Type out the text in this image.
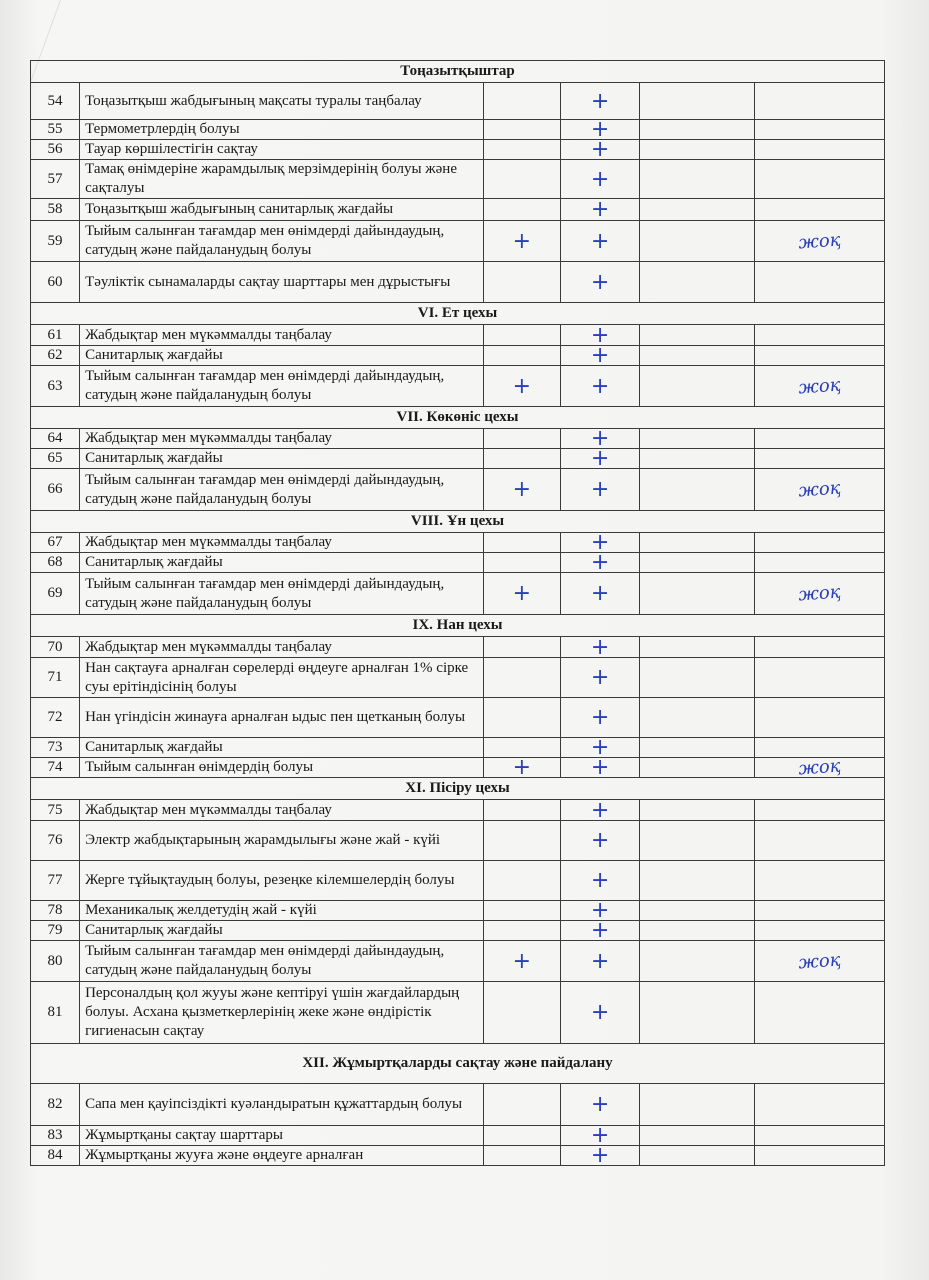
Тоңазытқыштар					
54	Тоңазытқыш жабдығының мақсаты туралы таңбалау		+		

55	Термометрлердің болуы		+		

56	Тауар көршілестігін сақтау		+		

57	Тамақ өнімдеріне жарамдылық мерзімдерінің болуы және сақталуы		+		

58	Тоңазытқыш жабдығының санитарлық жағдайы		+		

59	Тыйым салынған тағамдар мен өнімдерді дайындаудың, сатудың және пайдаланудың болуы	+	+		жоқ

60	Тәуліктік сынамаларды сақтау шарттары мен дұрыстығы		+		

VI. Ет цехы					
61	Жабдықтар мен мүкәммалды таңбалау		+		

62	Санитарлық жағдайы		+		

63	Тыйым салынған тағамдар мен өнімдерді дайындаудың, сатудың және пайдаланудың болуы	+	+		жоқ

VII. Көкөніс цехы					
64	Жабдықтар мен мүкәммалды таңбалау		+		

65	Санитарлық жағдайы		+		

66	Тыйым салынған тағамдар мен өнімдерді дайындаудың, сатудың және пайдаланудың болуы	+	+		жоқ

VIII. Ұн цехы					
67	Жабдықтар мен мүкәммалды таңбалау		+		

68	Санитарлық жағдайы		+		

69	Тыйым салынған тағамдар мен өнімдерді дайындаудың, сатудың және пайдаланудың болуы	+	+		жоқ

IX. Нан цехы					
70	Жабдықтар мен мүкәммалды таңбалау		+		

71	Нан сақтауға арналған сөрелерді өңдеуге арналған 1% сірке суы ерітіндісінің болуы		+		

72	Нан үгіндісін жинауға арналған ыдыс пен щетканың болуы		+		

73	Санитарлық жағдайы		+		

74	Тыйым салынған өнімдердің болуы	+	+		жоқ

XI. Пісіру цехы					
75	Жабдықтар мен мүкәммалды таңбалау		+		

76	Электр жабдықтарының жарамдылығы және жай - күйі		+		

77	Жерге тұйықтаудың болуы, резеңке кілемшелердің болуы		+		

78	Механикалық желдетудің жай - күйі		+		

79	Санитарлық жағдайы		+		

80	Тыйым салынған тағамдар мен өнімдерді дайындаудың, сатудың және пайдаланудың болуы	+	+		жоқ

81	Персоналдың қол жууы және кептіруі үшін жағдайлардың болуы. Асхана қызметкерлерінің жеке және өндірістік гигиенасын сақтау		+		

XII. Жұмыртқаларды сақтау және пайдалану					
82	Сапа мен қауіпсіздікті куәландыратын құжаттардың болуы		+		

83	Жұмыртқаны сақтау шарттары		+		

84	Жұмыртқаны жууға және өңдеуге арналған		+		
